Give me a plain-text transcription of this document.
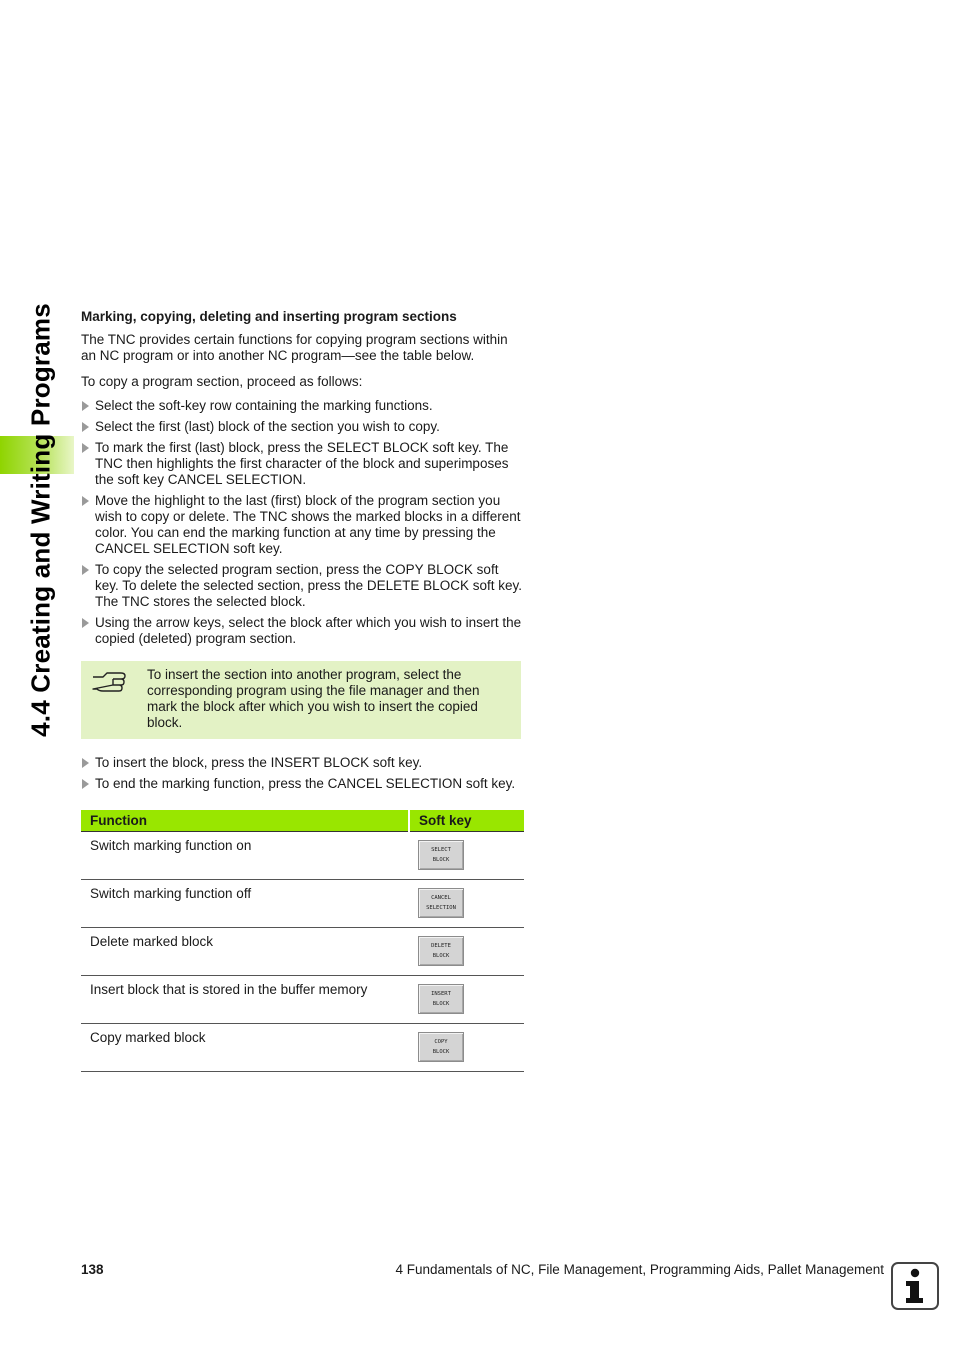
4.4 Creating and Writing Programs Marking, copying, deleting and inserting program sections

The TNC provides certain functions for copying program sections within an NC program or into another NC program—see the table below.

To copy a program section, proceed as follows:

Select the soft-key row containing the marking functions.
Select the first (last) block of the section you wish to copy.
To mark the first (last) block, press the SELECT BLOCK soft key. The TNC then highlights the first character of the block and superimposes the soft key CANCEL SELECTION.
Move the highlight to the last (first) block of the program section you wish to copy or delete. The TNC shows the marked blocks in a different color. You can end the marking function at any time by pressing the CANCEL SELECTION soft key.
To copy the selected program section, press the COPY BLOCK soft key. To delete the selected section, press the DELETE BLOCK soft key. The TNC stores the selected block.
Using the arrow keys, select the block after which you wish to insert the copied (deleted) program section.
To insert the section into another program, select the corresponding program using the file manager and then mark the block after which you wish to insert the copied block.
To insert the block, press the INSERT BLOCK soft key.
To end the marking function, press the CANCEL SELECTION soft key.
Function	Soft key
Switch marking function on	SELECT
BLOCK

Switch marking function off	CANCEL
SELECTION

Delete marked block	DELETE
BLOCK

Insert block that is stored in the buffer memory	INSERT
BLOCK

Copy marked block	COPY
BLOCK
138	4 Fundamentals of NC, File Management, Programming Aids, Pallet Management
